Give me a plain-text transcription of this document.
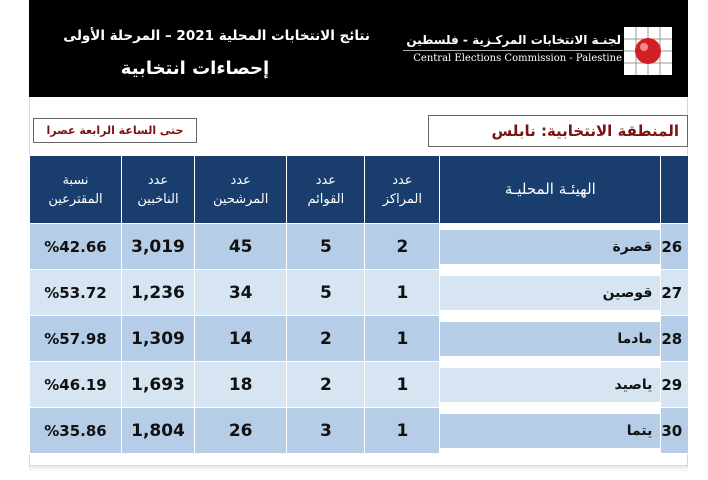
لجنـة الانتخابات المركـزية - فلسطين
Central Elections Commission - Palestine
نتائج الانتخابات المحلية 2021 – المرحلة الأولى
إحصاءات انتخابية
المنطقة الانتخابية: نابلس
حتى الساعة الرابعة عصرا
نسبة المقترعين	عدد الناخبين	عدد المرشحين	عدد القوائم	عدد المراكز	الهيئـة المحليـة	
%42.66	3,019	45	5	2	قصرة	26
%53.72	1,236	34	5	1	قوصين	27
%57.98	1,309	14	2	1	مادما	28
%46.19	1,693	18	2	1	ياصيد	29
%35.86	1,804	26	3	1	يتما	30
